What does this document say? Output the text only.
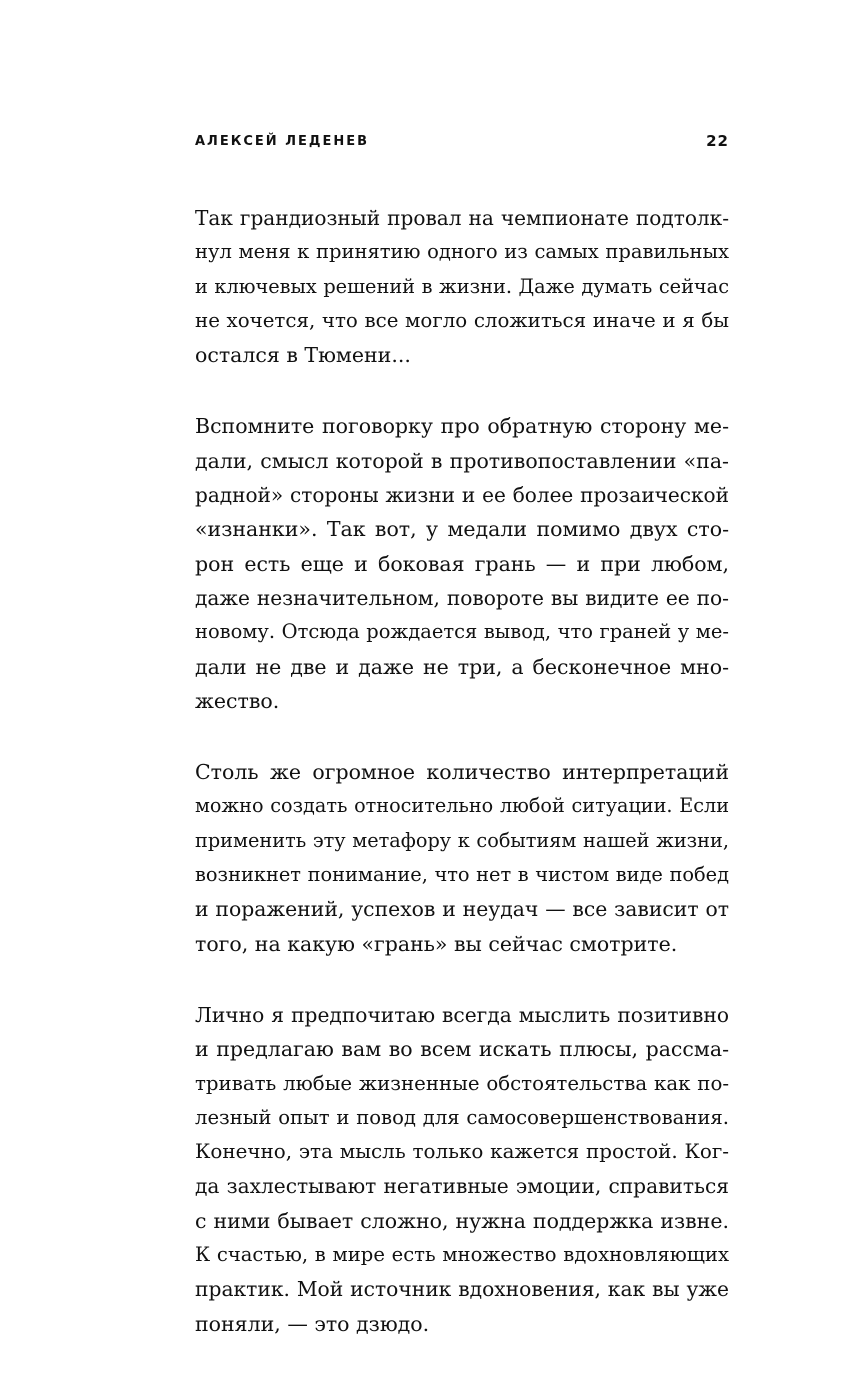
АЛЕКСЕЙ ЛЕДЕНЕВ	22
Так грандиозный провал на чемпионате подтолк-
нул меня к принятию одного из самых правильных
и ключевых решений в жизни. Даже думать сейчас
не хочется, что все могло сложиться иначе и я бы
остался в Тюмени...
Вспомните поговорку про обратную сторону ме-
дали, смысл которой в противопоставлении «па-
радной» стороны жизни и ее более прозаической
«изнанки». Так вот, у медали помимо двух сто-
рон есть еще и боковая грань — и при любом,
даже незначительном, повороте вы видите ее по-
новому. Отсюда рождается вывод, что граней у ме-
дали не две и даже не три, а бесконечное мно-
жество.
Столь же огромное количество интерпретаций
можно создать относительно любой ситуации. Если
применить эту метафору к событиям нашей жизни,
возникнет понимание, что нет в чистом виде побед
и поражений, успехов и неудач — все зависит от
того, на какую «грань» вы сейчас смотрите.
Лично я предпочитаю всегда мыслить позитивно
и предлагаю вам во всем искать плюсы, рассма-
тривать любые жизненные обстоятельства как по-
лезный опыт и повод для самосовершенствования.
Конечно, эта мысль только кажется простой. Ког-
да захлестывают негативные эмоции, справиться
с ними бывает сложно, нужна поддержка извне.
К счастью, в мире есть множество вдохновляющих
практик. Мой источник вдохновения, как вы уже
поняли, — это дзюдо.
